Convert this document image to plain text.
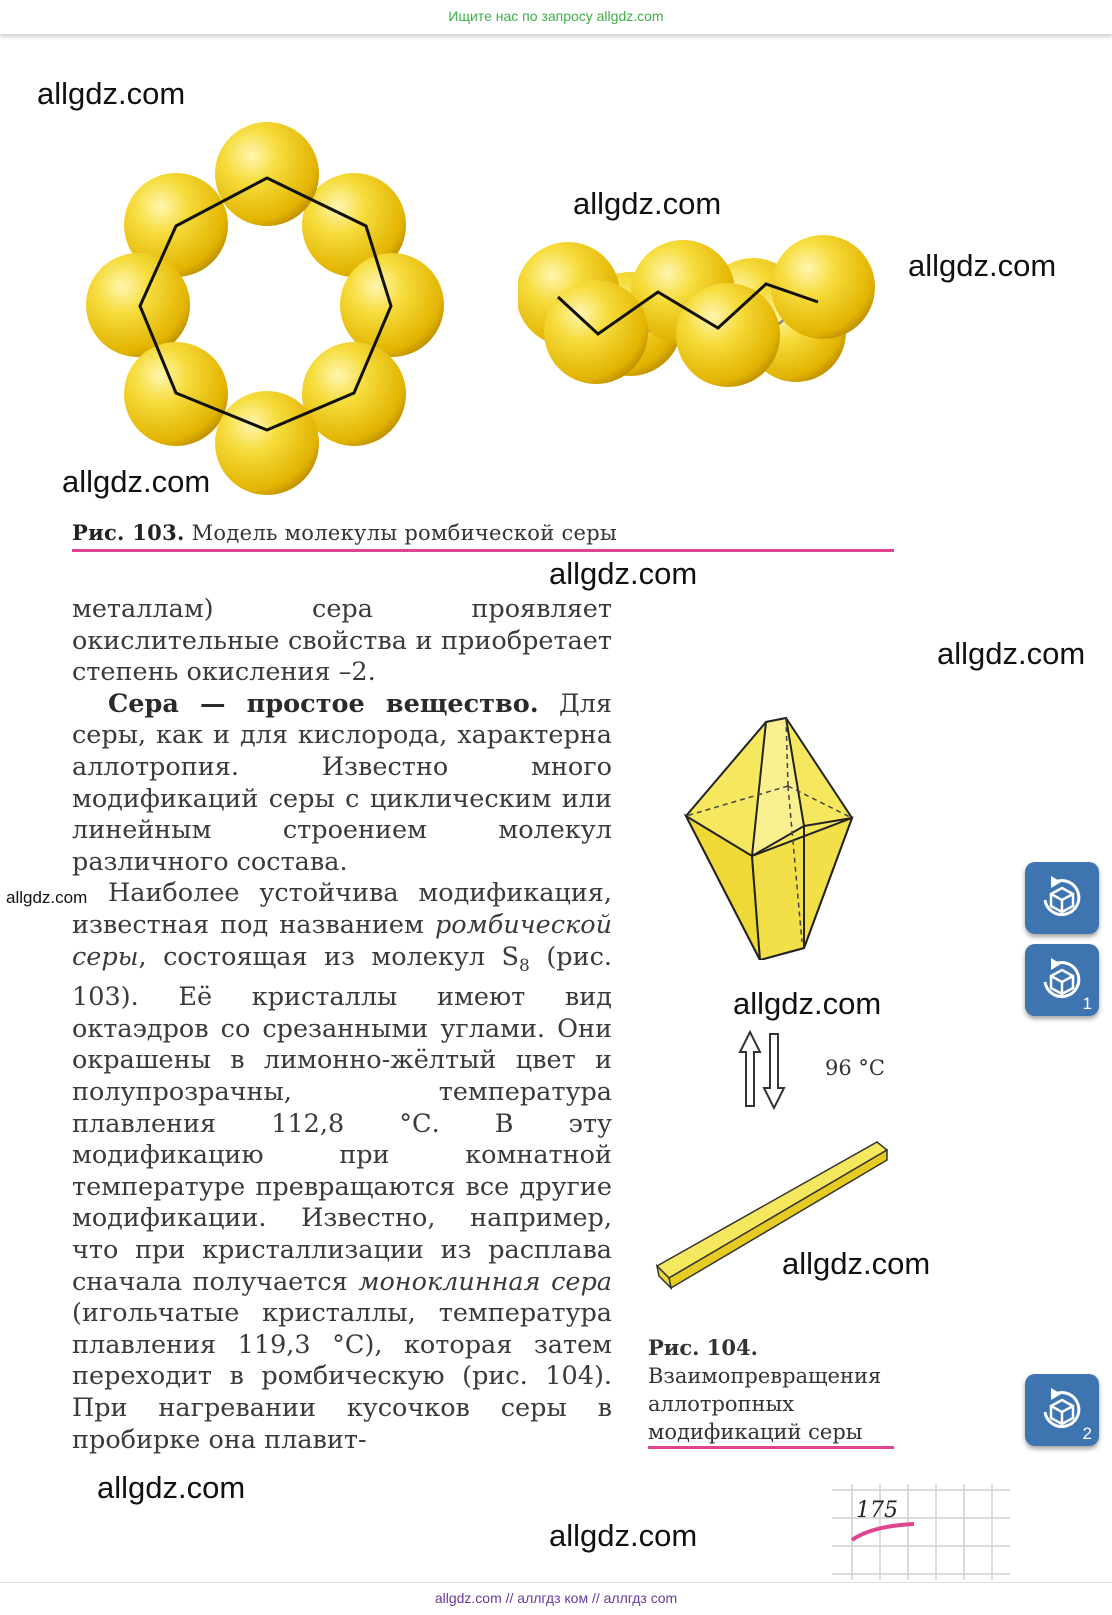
Ищите нас по запросу allgdz.com
Рис. 103. Модель молекулы ромбической серы

металлам) сера проявляет окислительные свойства и приобретает степень окисления –2.

Сера — простое вещество. Для серы, как и для кислорода, характерна аллотропия. Известно много модификаций серы с циклическим или линейным строением молекул различного состава.

Наиболее устойчива модификация, известная под названием ромбической серы, состоящая из молекул $S_8$ (рис. 103). Её кристаллы имеют вид октаэдров со срезанными углами. Они окрашены в лимонно-жёлтый цвет и полупрозрачны, температура плавления 112,8 °С. В эту модификацию при комнатной температуре превращаются все другие модификации. Известно, например, что при кристаллизации из расплава сначала получается моноклинная сера (игольчатые кристаллы, температура плавления 119,3 °С), которая затем переходит в ромбическую (рис. 104). При нагревании кусочков серы в пробирке она плавит-

96 °С
Рис. 104. Взаимопревращения аллотропных модификаций серы
1
2
175
allgdz.com
allgdz.com
allgdz.com
allgdz.com
allgdz.com
allgdz.com
allgdz.com
allgdz.com
allgdz.com
allgdz.com
allgdz.com
allgdz.com // аллгдз ком // аллгдз com
